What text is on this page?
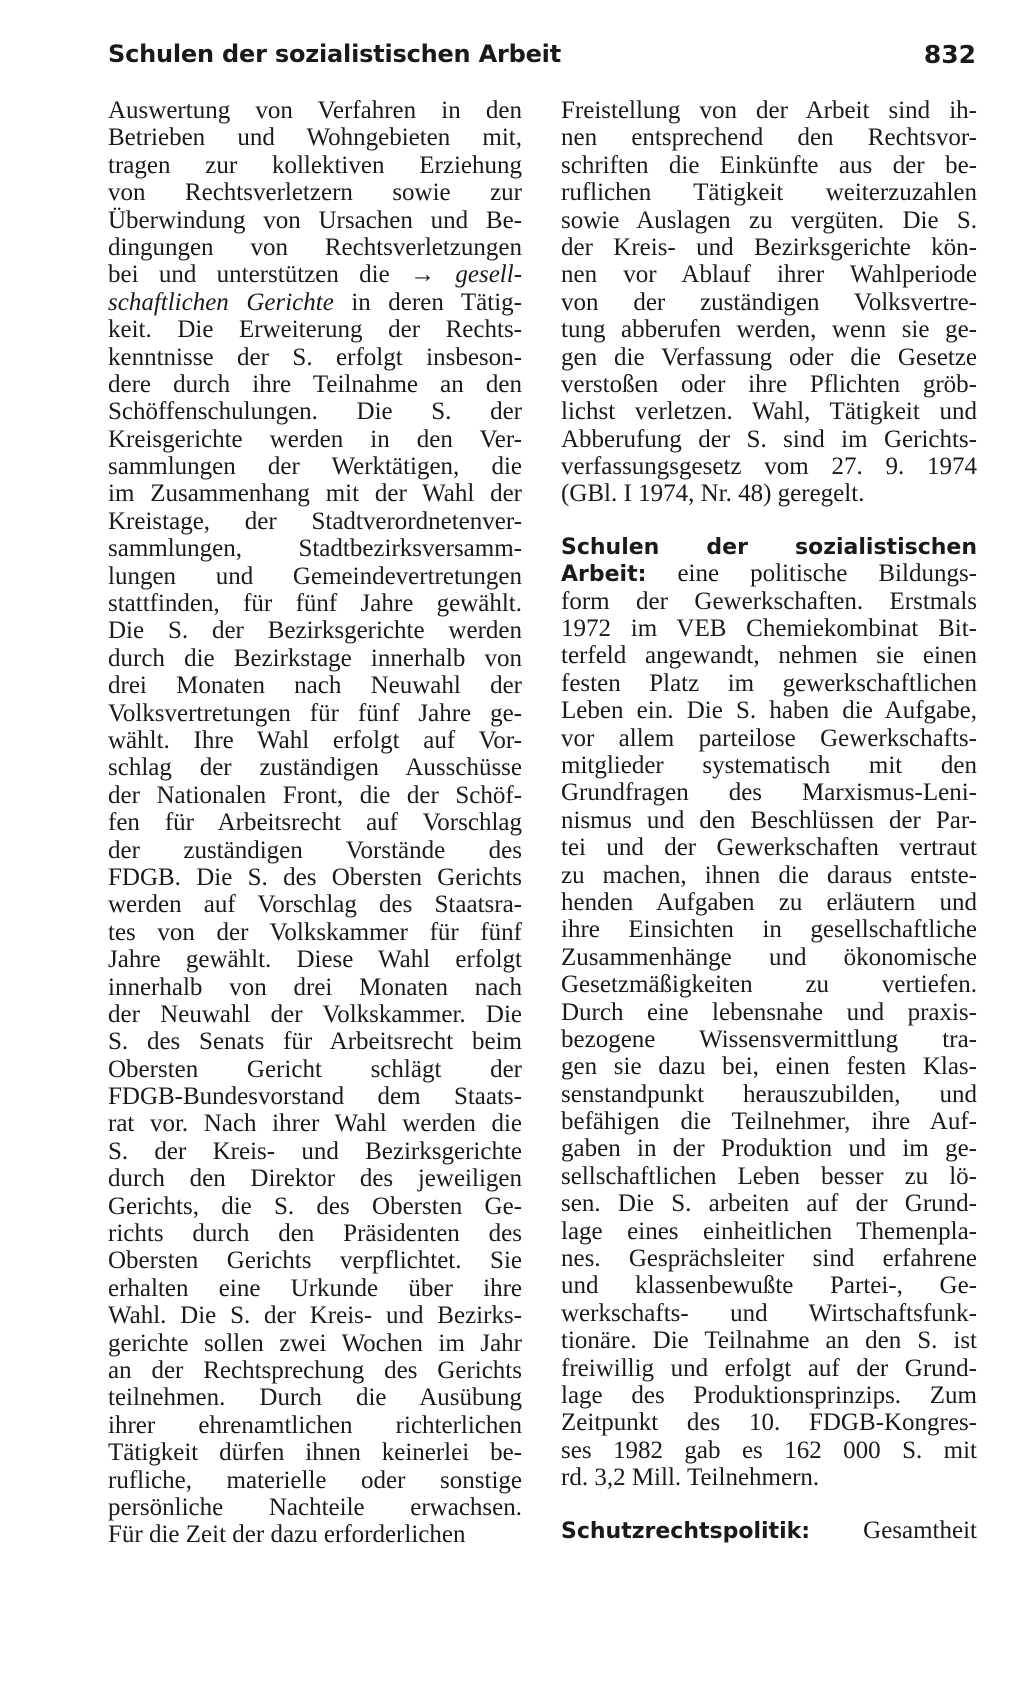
Schulen der sozialistischen Arbeit	832
Auswertung von Verfahren in den
Betrieben und Wohngebieten mit,
tragen zur kollektiven Erziehung
von Rechtsverletzern sowie zur
Überwindung von Ursachen und Be-
dingungen von Rechtsverletzungen
bei und unterstützen die → gesell-
schaftlichen Gerichte in deren Tätig-
keit. Die Erweiterung der Rechts-
kenntnisse der S. erfolgt insbeson-
dere durch ihre Teilnahme an den
Schöffenschulungen. Die S. der
Kreisgerichte werden in den Ver-
sammlungen der Werktätigen, die
im Zusammenhang mit der Wahl der
Kreistage, der Stadtverordnetenver-
sammlungen, Stadtbezirksversamm-
lungen und Gemeindevertretungen
stattfinden, für fünf Jahre gewählt.
Die S. der Bezirksgerichte werden
durch die Bezirkstage innerhalb von
drei Monaten nach Neuwahl der
Volksvertretungen für fünf Jahre ge-
wählt. Ihre Wahl erfolgt auf Vor-
schlag der zuständigen Ausschüsse
der Nationalen Front, die der Schöf-
fen für Arbeitsrecht auf Vorschlag
der zuständigen Vorstände des
FDGB. Die S. des Obersten Gerichts
werden auf Vorschlag des Staatsra-
tes von der Volkskammer für fünf
Jahre gewählt. Diese Wahl erfolgt
innerhalb von drei Monaten nach
der Neuwahl der Volkskammer. Die
S. des Senats für Arbeitsrecht beim
Obersten Gericht schlägt der
FDGB-Bundesvorstand dem Staats-
rat vor. Nach ihrer Wahl werden die
S. der Kreis- und Bezirksgerichte
durch den Direktor des jeweiligen
Gerichts, die S. des Obersten Ge-
richts durch den Präsidenten des
Obersten Gerichts verpflichtet. Sie
erhalten eine Urkunde über ihre
Wahl. Die S. der Kreis- und Bezirks-
gerichte sollen zwei Wochen im Jahr
an der Rechtsprechung des Gerichts
teilnehmen. Durch die Ausübung
ihrer ehrenamtlichen richterlichen
Tätigkeit dürfen ihnen keinerlei be-
rufliche, materielle oder sonstige
persönliche Nachteile erwachsen.
Für die Zeit der dazu erforderlichen
Freistellung von der Arbeit sind ih-
nen entsprechend den Rechtsvor-
schriften die Einkünfte aus der be-
ruflichen Tätigkeit weiterzuzahlen
sowie Auslagen zu vergüten. Die S.
der Kreis- und Bezirksgerichte kön-
nen vor Ablauf ihrer Wahlperiode
von der zuständigen Volksvertre-
tung abberufen werden, wenn sie ge-
gen die Verfassung oder die Gesetze
verstoßen oder ihre Pflichten gröb-
lichst verletzen. Wahl, Tätigkeit und
Abberufung der S. sind im Gerichts-
verfassungsgesetz vom 27. 9. 1974
(GBl. I 1974, Nr. 48) geregelt.
Schulen der sozialistischen
Arbeit: eine politische Bildungs-
form der Gewerkschaften. Erstmals
1972 im VEB Chemiekombinat Bit-
terfeld angewandt, nehmen sie einen
festen Platz im gewerkschaftlichen
Leben ein. Die S. haben die Aufgabe,
vor allem parteilose Gewerkschafts-
mitglieder systematisch mit den
Grundfragen des Marxismus-Leni-
nismus und den Beschlüssen der Par-
tei und der Gewerkschaften vertraut
zu machen, ihnen die daraus entste-
henden Aufgaben zu erläutern und
ihre Einsichten in gesellschaftliche
Zusammenhänge und ökonomische
Gesetzmäßigkeiten zu vertiefen.
Durch eine lebensnahe und praxis-
bezogene Wissensvermittlung tra-
gen sie dazu bei, einen festen Klas-
senstandpunkt herauszubilden, und
befähigen die Teilnehmer, ihre Auf-
gaben in der Produktion und im ge-
sellschaftlichen Leben besser zu lö-
sen. Die S. arbeiten auf der Grund-
lage eines einheitlichen Themenpla-
nes. Gesprächsleiter sind erfahrene
und klassenbewußte Partei-, Ge-
werkschafts- und Wirtschaftsfunk-
tionäre. Die Teilnahme an den S. ist
freiwillig und erfolgt auf der Grund-
lage des Produktionsprinzips. Zum
Zeitpunkt des 10. FDGB-Kongres-
ses 1982 gab es 162 000 S. mit
rd. 3,2 Mill. Teilnehmern.
Schutzrechtspolitik: Gesamtheit
